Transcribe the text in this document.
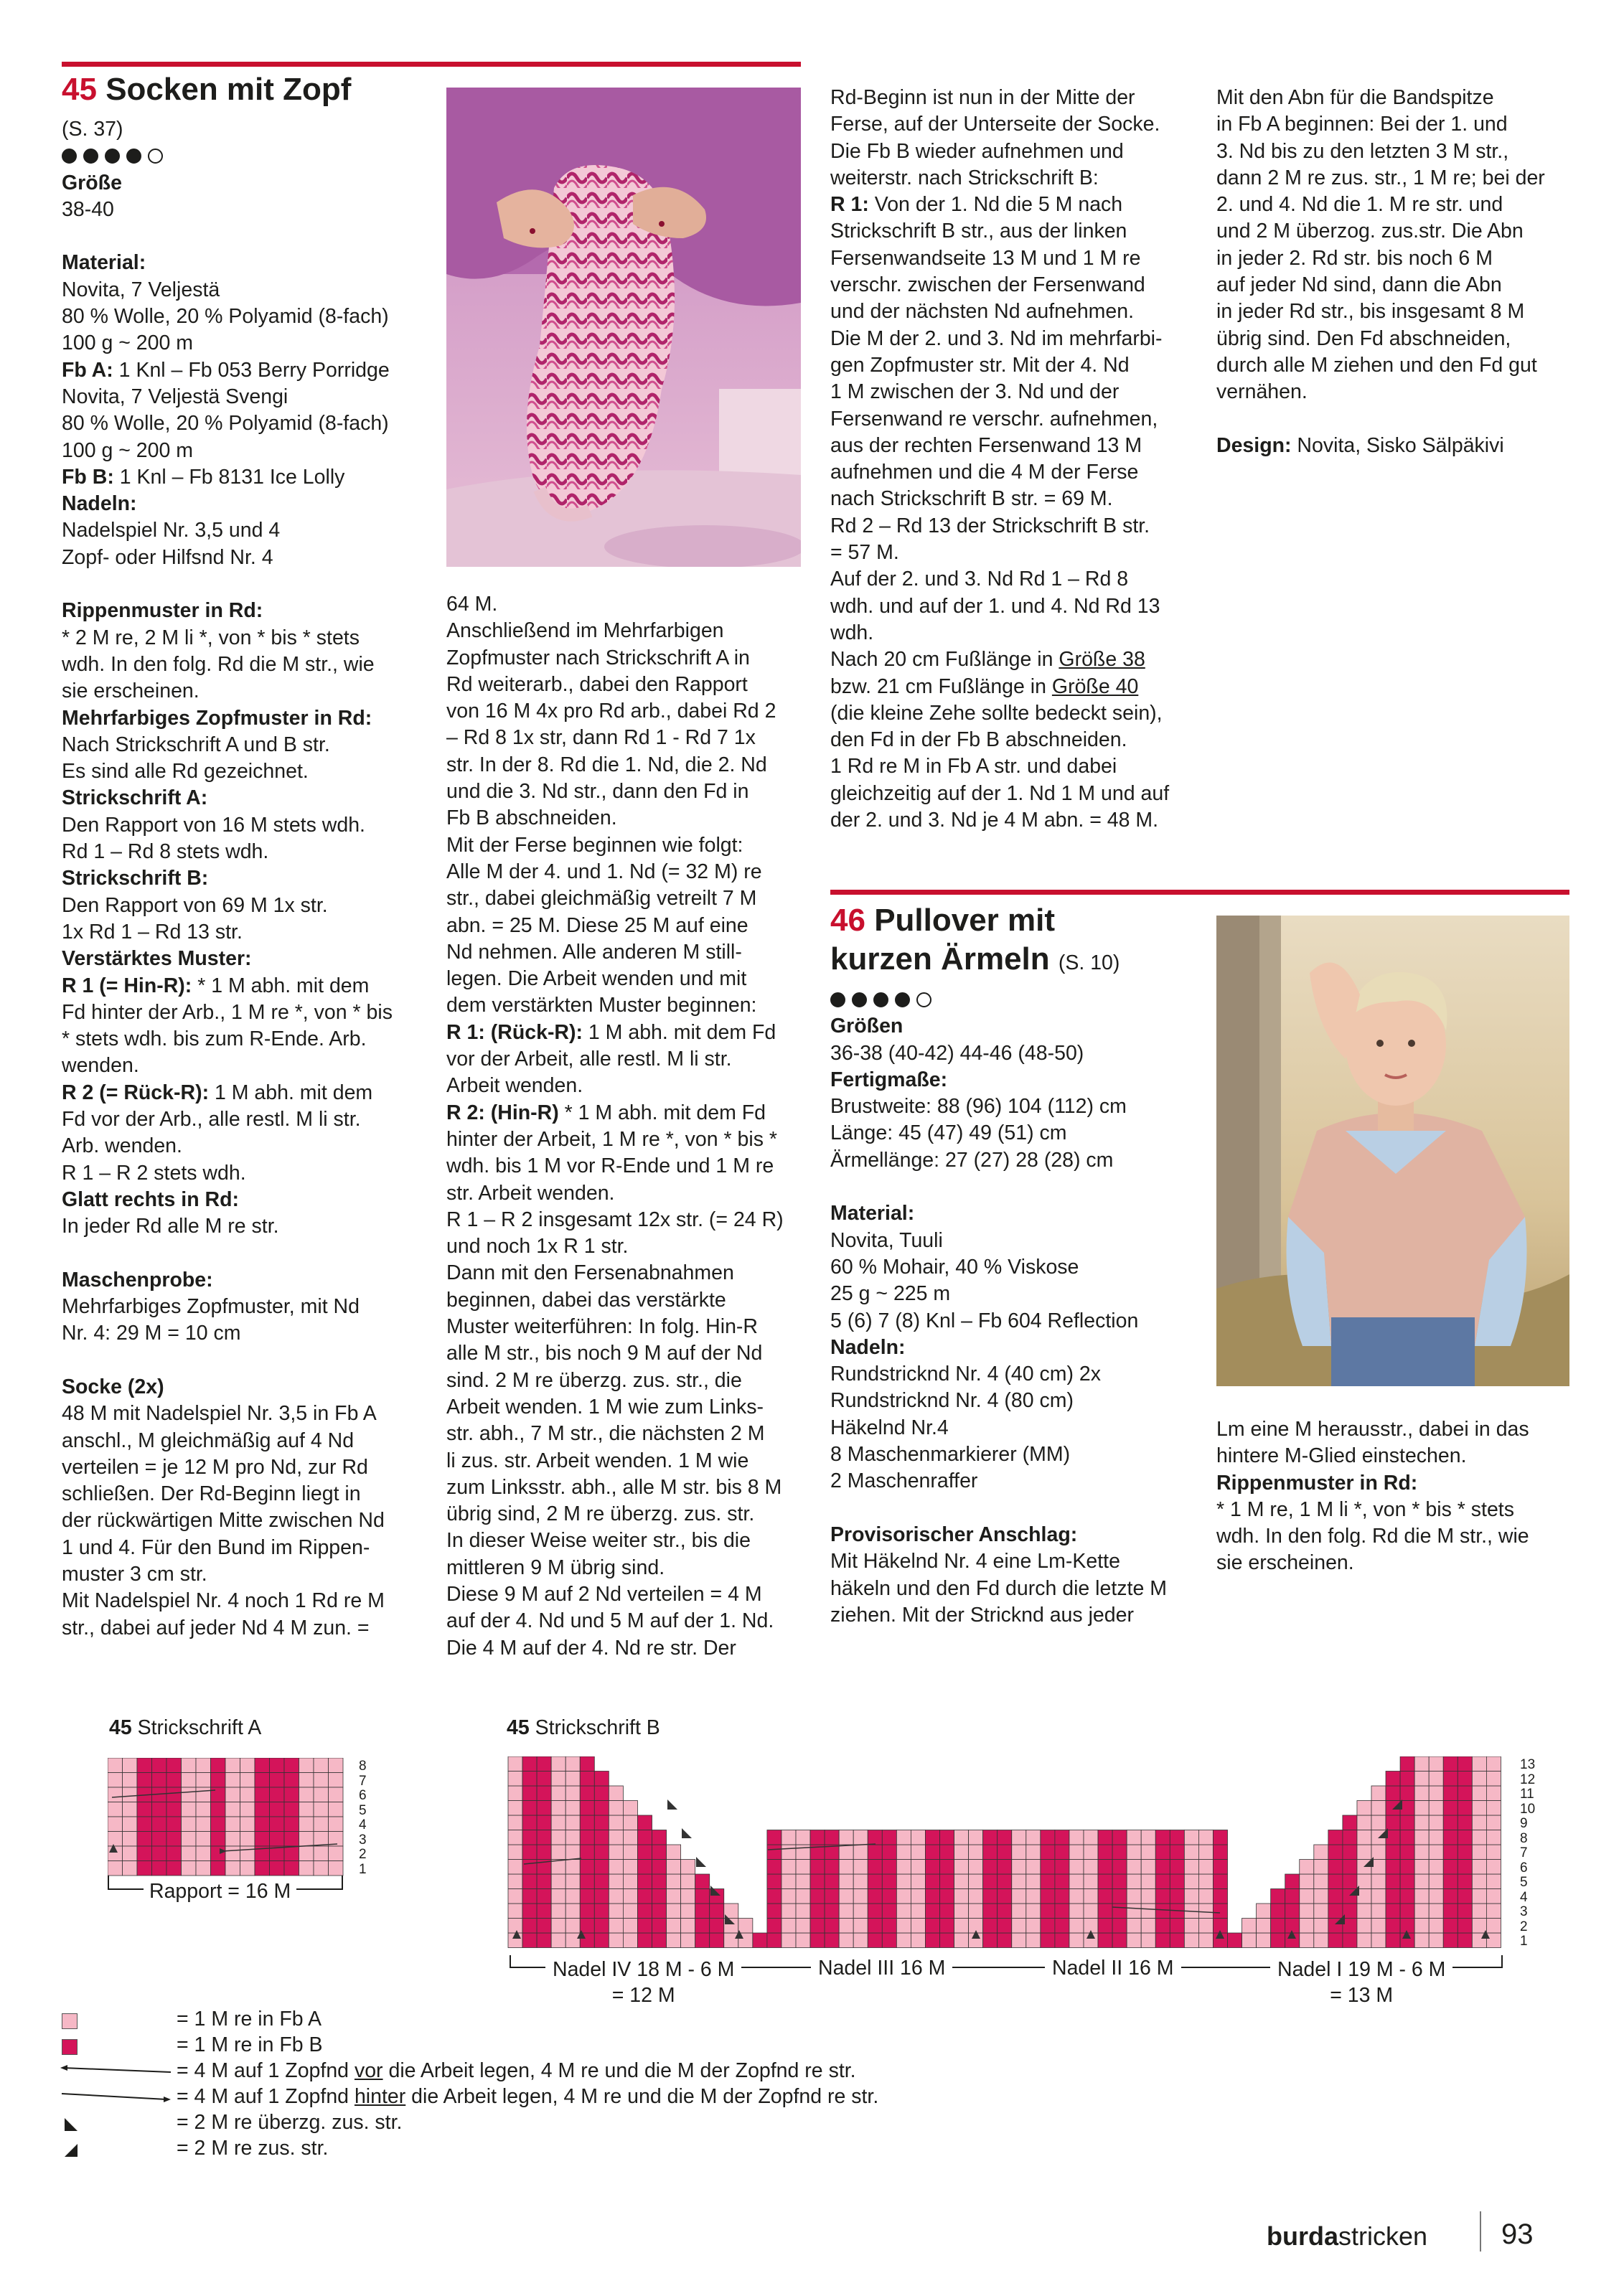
45 Socken mit Zopf

(S. 37)

Größe

38-40

Material:

Novita, 7 Veljestä

80 % Wolle, 20 % Polyamid (8-fach)

100 g ~ 200 m

Fb A: 1 Knl – Fb 053 Berry Porridge

Novita, 7 Veljestä Svengi

80 % Wolle, 20 % Polyamid (8-fach)

100 g ~ 200 m

Fb B: 1 Knl – Fb 8131 Ice Lolly

Nadeln:

Nadelspiel Nr. 3,5 und 4

Zopf- oder Hilfsnd Nr. 4

Rippenmuster in Rd:

* 2 M re, 2 M li *, von * bis * stets

wdh. In den folg. Rd die M str., wie

sie erscheinen.

Mehrfarbiges Zopfmuster in Rd:

Nach Strickschrift A und B str.

Es sind alle Rd gezeichnet.

Strickschrift A:

Den Rapport von 16 M stets wdh.

Rd 1 – Rd 8 stets wdh.

Strickschrift B:

Den Rapport von 69 M 1x str.

1x Rd 1 – Rd 13 str.

Verstärktes Muster:

R 1 (= Hin-R): * 1 M abh. mit dem

Fd hinter der Arb., 1 M re *, von * bis

* stets wdh. bis zum R-Ende. Arb.

wenden.

R 2 (= Rück-R): 1 M abh. mit dem

Fd vor der Arb., alle restl. M li str.

Arb. wenden.

R 1 – R 2 stets wdh.

Glatt rechts in Rd:

In jeder Rd alle M re str.

Maschenprobe:

Mehrfarbiges Zopfmuster, mit Nd

Nr. 4: 29 M = 10 cm

Socke (2x)

48 M mit Nadelspiel Nr. 3,5 in Fb A

anschl., M gleichmäßig auf 4 Nd

verteilen = je 12 M pro Nd, zur Rd

schließen. Der Rd-Beginn liegt in

der rückwärtigen Mitte zwischen Nd

1 und 4. Für den Bund im Rippen-

muster 3 cm str.

Mit Nadelspiel Nr. 4 noch 1 Rd re M

str., dabei auf jeder Nd 4 M zun. =

64 M.

Anschließend im Mehrfarbigen

Zopfmuster nach Strickschrift A in

Rd weiterarb., dabei den Rapport

von 16 M 4x pro Rd arb., dabei Rd 2

– Rd 8 1x str, dann Rd 1 - Rd 7 1x

str. In der 8. Rd die 1. Nd, die 2. Nd

und die 3. Nd str., dann den Fd in

Fb B abschneiden.

Mit der Ferse beginnen wie folgt:

Alle M der 4. und 1. Nd (= 32 M) re

str., dabei gleichmäßig vetreilt 7 M

abn. = 25 M. Diese 25 M auf eine

Nd nehmen. Alle anderen M still-

legen. Die Arbeit wenden und mit

dem verstärkten Muster beginnen:

R 1: (Rück-R): 1 M abh. mit dem Fd

vor der Arbeit, alle restl. M li str.

Arbeit wenden.

R 2: (Hin-R) * 1 M abh. mit dem Fd

hinter der Arbeit, 1 M re *, von * bis *

wdh. bis 1 M vor R-Ende und 1 M re

str. Arbeit wenden.

R 1 – R 2 insgesamt 12x str. (= 24 R)

und noch 1x R 1 str.

Dann mit den Fersenabnahmen

beginnen, dabei das verstärkte

Muster weiterführen: In folg. Hin-R

alle M str., bis noch 9 M auf der Nd

sind. 2 M re überzg. zus. str., die

Arbeit wenden. 1 M wie zum Links-

str. abh., 7 M str., die nächsten 2 M

li zus. str. Arbeit wenden. 1 M wie

zum Linksstr. abh., alle M str. bis 8 M

übrig sind, 2 M re überzg. zus. str.

In dieser Weise weiter str., bis die

mittleren 9 M übrig sind.

Diese 9 M auf 2 Nd verteilen = 4 M

auf der 4. Nd und 5 M auf der 1. Nd.

Die 4 M auf der 4. Nd re str. Der

Rd-Beginn ist nun in der Mitte der

Ferse, auf der Unterseite der Socke.

Die Fb B wieder aufnehmen und

weiterstr. nach Strickschrift B:

R 1: Von der 1. Nd die 5 M nach

Strickschrift B str., aus der linken

Fersenwandseite 13 M und 1 M re

verschr. zwischen der Fersenwand

und der nächsten Nd aufnehmen.

Die M der 2. und 3. Nd im mehrfarbi-

gen Zopfmuster str. Mit der 4. Nd

1 M zwischen der 3. Nd und der

Fersenwand re verschr. aufnehmen,

aus der rechten Fersenwand 13 M

aufnehmen und die 4 M der Ferse

nach Strickschrift B str. = 69 M.

Rd 2 – Rd 13 der Strickschrift B str.

= 57 M.

Auf der 2. und 3. Nd Rd 1 – Rd 8

wdh. und auf der 1. und 4. Nd Rd 13

wdh.

Nach 20 cm Fußlänge in Größe 38

bzw. 21 cm Fußlänge in Größe 40

(die kleine Zehe sollte bedeckt sein),

den Fd in der Fb B abschneiden.

1 Rd re M in Fb A str. und dabei

gleichzeitig auf der 1. Nd 1 M und auf

der 2. und 3. Nd je 4 M abn. = 48 M.

Mit den Abn für die Bandspitze

in Fb A beginnen: Bei der 1. und

3. Nd bis zu den letzten 3 M str.,

dann 2 M re zus. str., 1 M re; bei der

2. und 4. Nd die 1. M re str. und

und 2 M überzog. zus.str. Die Abn

in jeder 2. Rd str. bis noch 6 M

auf jeder Nd sind, dann die Abn

in jeder Rd str., bis insgesamt 8 M

übrig sind. Den Fd abschneiden,

durch alle M ziehen und den Fd gut

vernähen.

Design: Novita, Sisko Sälpäkivi

46 Pullover mit
kurzen Ärmeln (S. 10)

Größen

36-38 (40-42) 44-46 (48-50)

Fertigmaße:

Brustweite: 88 (96) 104 (112) cm

Länge: 45 (47) 49 (51) cm

Ärmellänge: 27 (27) 28 (28) cm

Material:

Novita, Tuuli

60 % Mohair, 40 % Viskose

25 g ~ 225 m

5 (6) 7 (8) Knl – Fb 604 Reflection

Nadeln:

Rundstricknd Nr. 4 (40 cm) 2x

Rundstricknd Nr. 4 (80 cm)

Häkelnd Nr.4

8 Maschenmarkierer (MM)

2 Maschenraffer

Provisorischer Anschlag:

Mit Häkelnd Nr. 4 eine Lm-Kette

häkeln und den Fd durch die letzte M

ziehen. Mit der Stricknd aus jeder

Lm eine M herausstr., dabei in das

hintere M-Glied einstechen.

Rippenmuster in Rd:

* 1 M re, 1 M li *, von * bis * stets

wdh. In den folg. Rd die M str., wie

sie erscheinen.

45 Strickschrift A
8
7
6
5
4
3
2
1
Rapport = 16 M
45 Strickschrift B
13
12
11
10
9
8
7
6
5
4
3
2
1
Nadel IV 18 M - 6 M
= 12 M
Nadel III 16 M	Nadel II 16 M	Nadel I 19 M - 6 M
= 13 M
= 1 M re in Fb A
= 1 M re in Fb B
= 4 M auf 1 Zopfnd vor die Arbeit legen, 4 M re und die M der Zopfnd re str.
= 4 M auf 1 Zopfnd hinter die Arbeit legen, 4 M re und die M der Zopfnd re str.
= 2 M re überzg. zus. str.
= 2 M re zus. str.
burdastricken	93
